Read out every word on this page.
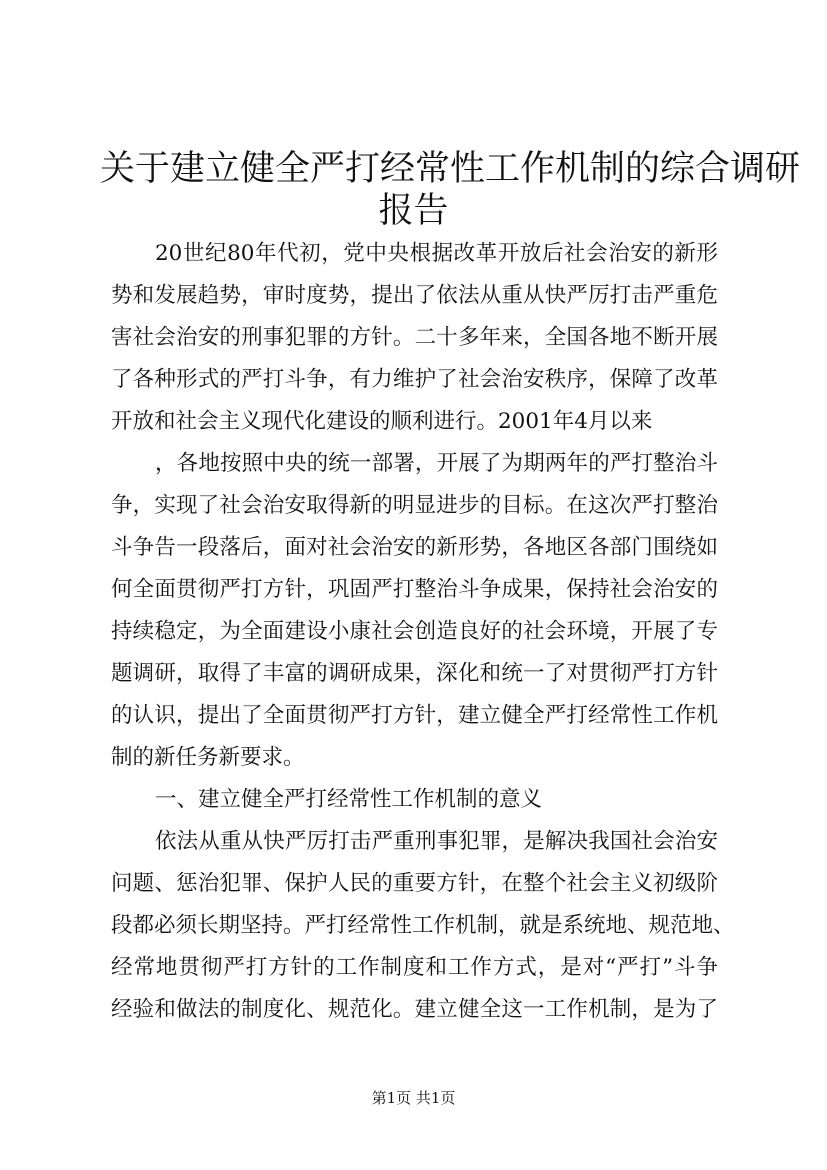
关于建立健全严打经常性工作机制的综合调研
报告
20世纪80年代初，党中央根据改革开放后社会治安的新形
势和发展趋势，审时度势，提出了依法从重从快严厉打击严重危
害社会治安的刑事犯罪的方针。二十多年来，全国各地不断开展
了各种形式的严打斗争，有力维护了社会治安秩序，保障了改革
开放和社会主义现代化建设的顺利进行。2001年4月以来
，各地按照中央的统一部署，开展了为期两年的严打整治斗
争，实现了社会治安取得新的明显进步的目标。在这次严打整治
斗争告一段落后，面对社会治安的新形势，各地区各部门围绕如
何全面贯彻严打方针，巩固严打整治斗争成果，保持社会治安的
持续稳定，为全面建设小康社会创造良好的社会环境，开展了专
题调研，取得了丰富的调研成果，深化和统一了对贯彻严打方针
的认识，提出了全面贯彻严打方针，建立健全严打经常性工作机
制的新任务新要求。
一、建立健全严打经常性工作机制的意义
依法从重从快严厉打击严重刑事犯罪，是解决我国社会治安
问题、惩治犯罪、保护人民的重要方针，在整个社会主义初级阶
段都必须长期坚持。严打经常性工作机制，就是系统地、规范地、
经常地贯彻严打方针的工作制度和工作方式，是对“严打”斗争
经验和做法的制度化、规范化。建立健全这一工作机制，是为了
第1页 共1页
